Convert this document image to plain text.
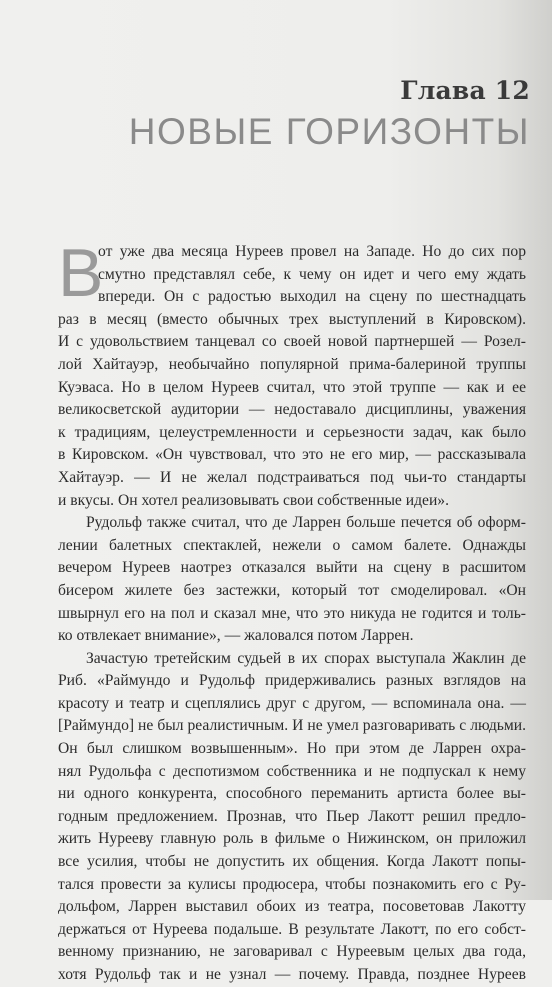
Глава 12
НОВЫЕ ГОРИЗОНТЫ
В
от уже два месяца Нуреев провел на Западе. Но до сих пор
смутно представлял себе, к чему он идет и чего ему ждать
впереди. Он с радостью выходил на сцену по шестнадцать
раз в месяц (вместо обычных трех выступлений в Кировском).
И с удовольствием танцевал со своей новой партнершей — Розел-
лой Хайтауэр, необычайно популярной прима-балериной труппы
Куэваса. Но в целом Нуреев считал, что этой труппе — как и ее
великосветской аудитории — недоставало дисциплины, уважения
к традициям, целеустремленности и серьезности задач, как было
в Кировском. «Он чувствовал, что это не его мир, — рассказывала
Хайтауэр. — И не желал подстраиваться под чьи-то стандарты
и вкусы. Он хотел реализовывать свои собственные идеи».
Рудольф также считал, что де Ларрен больше печется об оформ-
лении балетных спектаклей, нежели о самом балете. Однажды
вечером Нуреев наотрез отказался выйти на сцену в расшитом
бисером жилете без застежки, который тот смоделировал. «Он
швырнул его на пол и сказал мне, что это никуда не годится и толь-
ко отвлекает внимание», — жаловался потом Ларрен.
Зачастую третейским судьей в их спорах выступала Жаклин де
Риб. «Раймундо и Рудольф придерживались разных взглядов на
красоту и театр и сцеплялись друг с другом, — вспоминала она. —
[Раймундо] не был реалистичным. И не умел разговаривать с людьми.
Он был слишком возвышенным». Но при этом де Ларрен охра-
нял Рудольфа с деспотизмом собственника и не подпускал к нему
ни одного конкурента, способного переманить артиста более вы-
годным предложением. Прознав, что Пьер Лакотт решил предло-
жить Нурееву главную роль в фильме о Нижинском, он приложил
все усилия, чтобы не допустить их общения. Когда Лакотт попы-
тался провести за кулисы продюсера, чтобы познакомить его с Ру-
дольфом, Ларрен выставил обоих из театра, посоветовав Лакотту
держаться от Нуреева подальше. В результате Лакотт, по его собст-
венному признанию, не заговаривал с Нуреевым целых два года,
хотя Рудольф так и не узнал — почему. Правда, позднее Нуреев
